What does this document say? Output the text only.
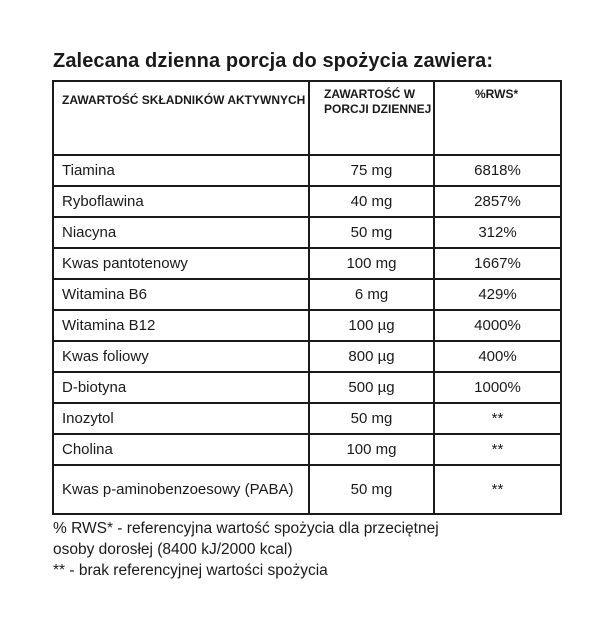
Zalecana dzienna porcja do spożycia zawiera:
ZAWARTOŚĆ SKŁADNIKÓW AKTYWNYCH	ZAWARTOŚĆ W PORCJI DZIENNEJ	%RWS*
Tiamina	75 mg	6818%
Ryboflawina	40 mg	2857%
Niacyna	50 mg	312%
Kwas pantotenowy	100 mg	1667%
Witamina B6	6 mg	429%
Witamina B12	100 µg	4000%
Kwas foliowy	800 µg	400%
D-biotyna	500 µg	1000%
Inozytol	50 mg	**
Cholina	100 mg	**
Kwas p-aminobenzoesowy (PABA)	50 mg	**
% RWS* - referencyjna wartość spożycia dla przeciętnej
osoby dorosłej (8400 kJ/2000 kcal)
** - brak referencyjnej wartości spożycia
